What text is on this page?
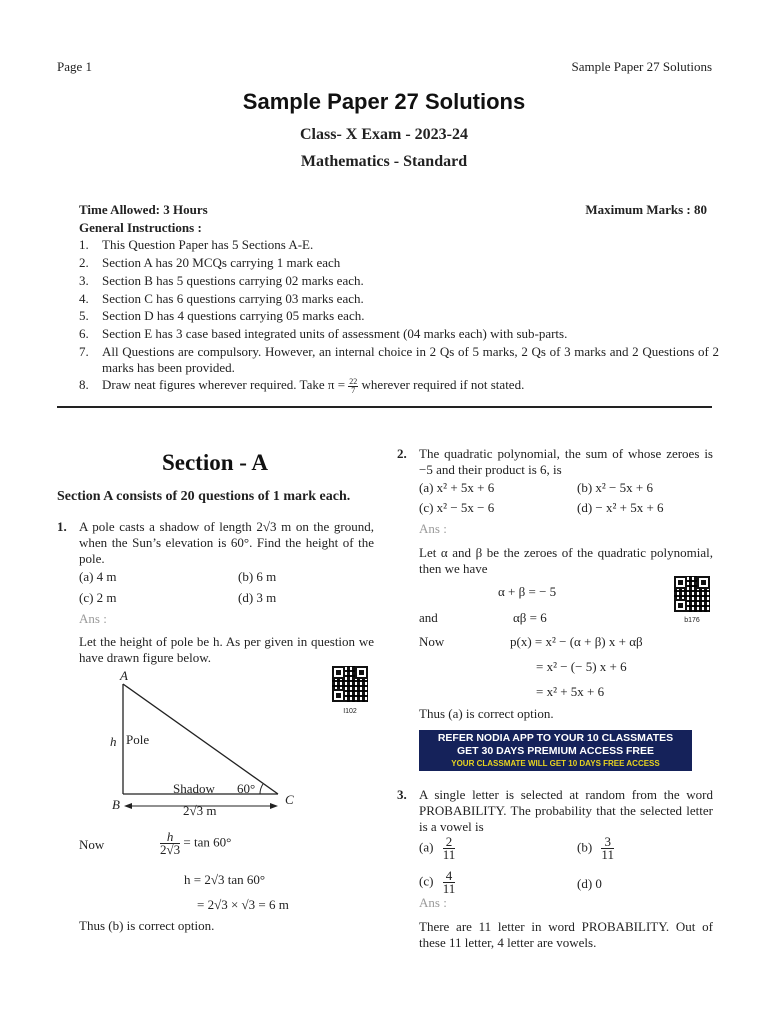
Page 1	Sample Paper 27 Solutions
Sample Paper 27 Solutions
Class- X Exam - 2023-24
Mathematics - Standard
Time Allowed: 3 Hours	Maximum Marks : 80
General Instructions :
1. This Question Paper has 5 Sections A-E.
2. Section A has 20 MCQs carrying 1 mark each
3. Section B has 5 questions carrying 02 marks each.
4. Section C has 6 questions carrying 03 marks each.
5. Section D has 4 questions carrying 05 marks each.
6. Section E has 3 case based integrated units of assessment (04 marks each) with sub-parts.
7. All Questions are compulsory. However, an internal choice in 2 Qs of 5 marks, 2 Qs of 3 marks and 2 Questions of 2 marks has been provided.
8. Draw neat figures wherever required. Take $\pi = \frac{22}{7}$ wherever required if not stated.
Section - A
Section A consists of 20 questions of 1 mark each.
1. A pole casts a shadow of length 2√3 m on the ground, when the Sun’s elevation is 60°. Find the height of the pole.
(a) 4 m	(b) 6 m
(c) 2 m	(d) 3 m
Ans :
Let the height of pole be h. As per given in question we have drawn figure below.
A
h Pole
Shadow 60°
B	C
2√3 m
I102
Now	$\frac{h}{2√3} = \tan 60^\circ$
h = 2√3 tan 60°
= 2√3 × √3 = 6 m
Thus (b) is correct option.
2. The quadratic polynomial, the sum of whose zeroes is −5 and their product is 6, is
(a) x² + 5x + 6	(b) x² − 5x + 6
(c) x² − 5x − 6	(d) − x² + 5x + 6
Ans :
Let α and β be the zeroes of the quadratic polynomial, then we have
α + β = − 5
and	αβ = 6	b176
Now	p(x) = x² − (α + β) x + αβ
= x² − (− 5) x + 6
= x² + 5x + 6
Thus (a) is correct option.
REFER NODIA APP TO YOUR 10 CLASSMATES
GET 30 DAYS PREMIUM ACCESS FREE
YOUR CLASSMATE WILL GET 10 DAYS FREE ACCESS
3. A single letter is selected at random from the word PROBABILITY. The probability that the selected letter is a vowel is
$(a) \frac{2}{11}$	$(b) \frac{3}{11}$
$(c) \frac{4}{11}$	(d) 0
Ans :
There are 11 letter in word PROBABILITY. Out of these 11 letter, 4 letter are vowels.
